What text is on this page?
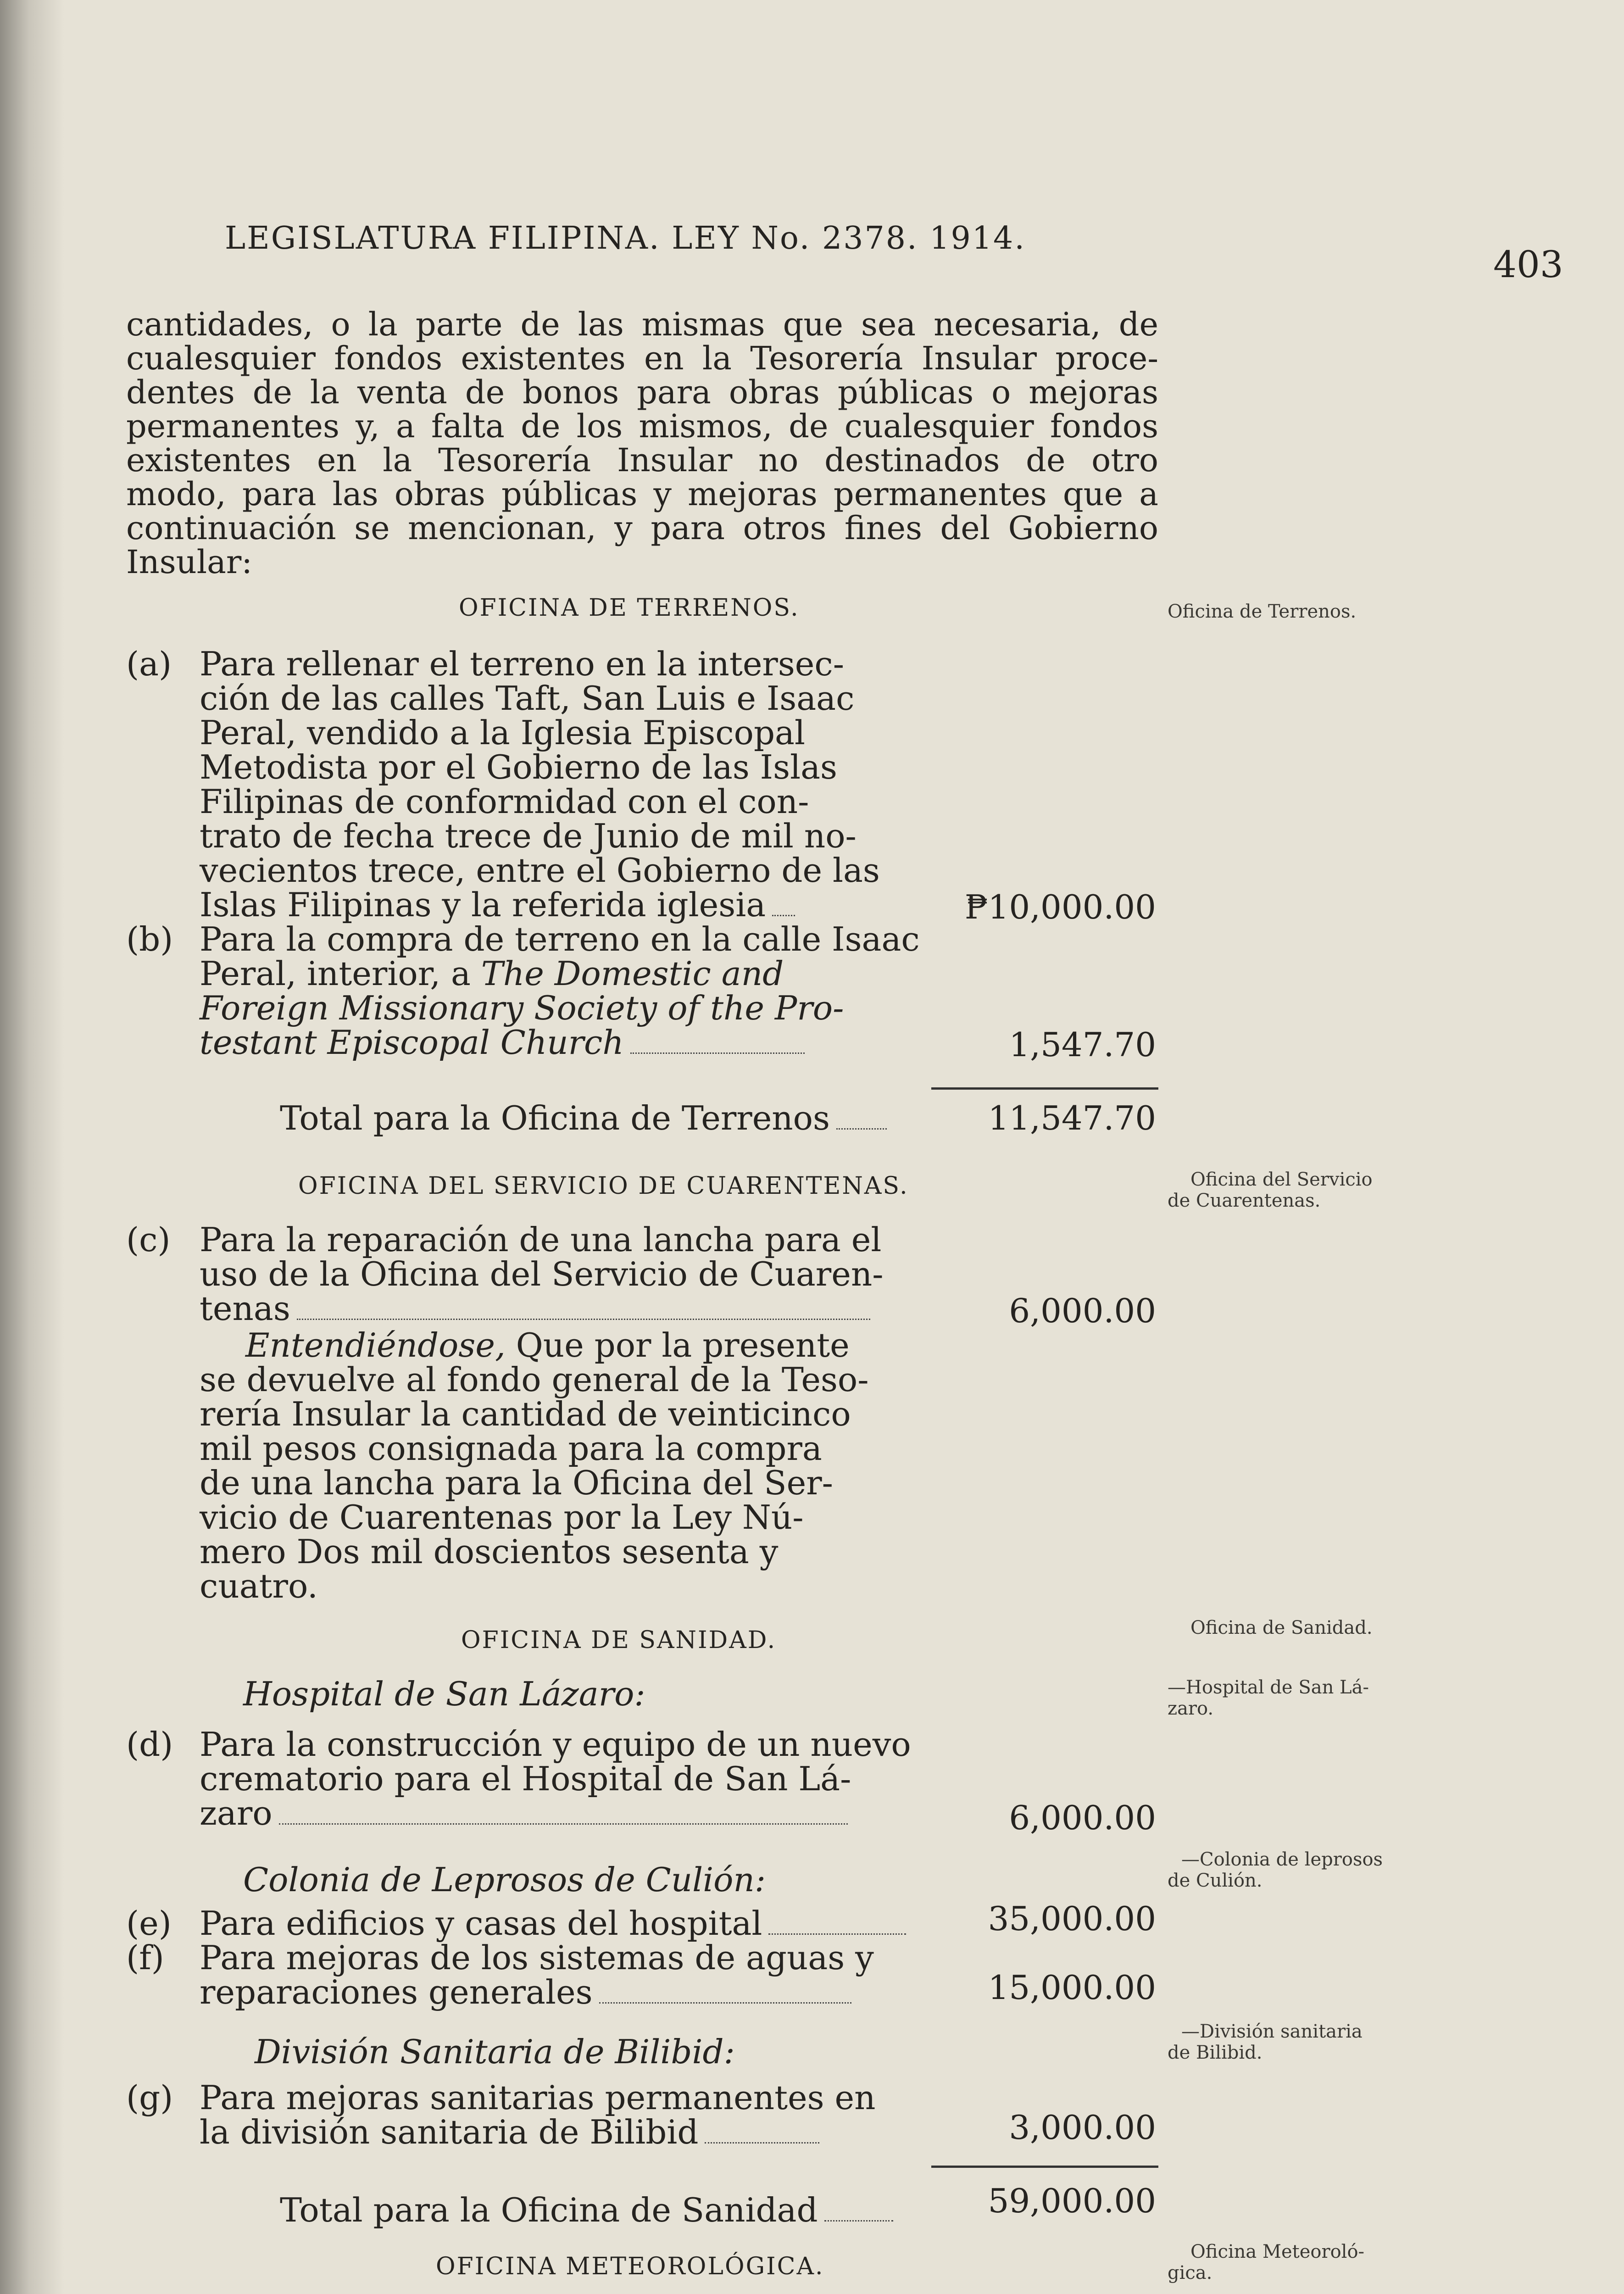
LEGISLATURA FILIPINA. LEY No. 2378. 1914.
403
cantidades, o la parte de las mismas que sea necesaria, de
cualesquier fondos existentes en la Tesorería Insular proce-
dentes de la venta de bonos para obras públicas o mejoras
permanentes y, a falta de los mismos, de cualesquier fondos
existentes en la Tesorería Insular no destinados de otro
modo, para las obras públicas y mejoras permanentes que a
continuación se mencionan, y para otros fines del Gobierno
Insular:
OFICINA DE TERRENOS.	Oficina de Terrenos.
(a) Para rellenar el terreno en la intersec-
ción de las calles Taft, San Luis e Isaac
Peral, vendido a la Iglesia Episcopal
Metodista por el Gobierno de las Islas
Filipinas de conformidad con el con-
trato de fecha trece de Junio de mil no-
vecientos trece, entre el Gobierno de las
Islas Filipinas y la referida iglesia	₱10,000.00
(b) Para la compra de terreno en la calle Isaac
Peral, interior, a The Domestic and
Foreign Missionary Society of the Pro-
testant Episcopal Church	1,547.70
Total para la Oficina de Terrenos	11,547.70
OFICINA DEL SERVICIO DE CUARENTENAS.	Oficina del Servicio
de Cuarentenas.
(c) Para la reparación de una lancha para el
uso de la Oficina del Servicio de Cuaren-
tenas	6,000.00
Entendiéndose, Que por la presente
se devuelve al fondo general de la Teso-
rería Insular la cantidad de veinticinco
mil pesos consignada para la compra
de una lancha para la Oficina del Ser-
vicio de Cuarentenas por la Ley Nú-
mero Dos mil doscientos sesenta y
cuatro.
OFICINA DE SANIDAD.	Oficina de Sanidad.
Hospital de San Lázaro:	—Hospital de San Lá-
zaro.
(d) Para la construcción y equipo de un nuevo
crematorio para el Hospital de San Lá-
zaro	6,000.00
Colonia de Leprosos de Culión:
—Colonia de leprosos
de Culión.
(e) Para edificios y casas del hospital	35,000.00
(f) Para mejoras de los sistemas de aguas y
reparaciones generales	15,000.00
División Sanitaria de Bilibid:
—División sanitaria
de Bilibid.
(g) Para mejoras sanitarias permanentes en
la división sanitaria de Bilibid	3,000.00
Total para la Oficina de Sanidad	59,000.00
OFICINA METEOROLÓGICA.
Oficina Meteoroló-
gica.
